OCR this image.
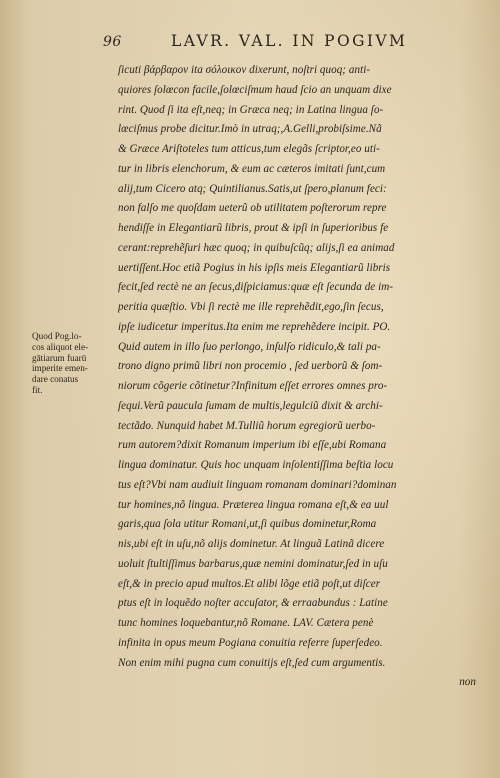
96	LAVR. VAL. IN POGIVM
Quod Pog.lo-
cos aliquot ele-
gātiarum fuarū
imperite emen-
dare conatus
fit.
ſicuti βάρβαρον ita σόλοικον dixerunt, noſtri quoq; anti-
quiores ſolœcon facile,ſolœciſmum haud ſcio an unquam dixe
rint. Quod ſi ita eſt,neq; in Græca neq; in Latina lingua ſo-
lœciſmus probe dicitur.Imò in utraq;,A.Gelli,probiſsime.Nã
& Græce Ariſtoteles tum atticus,tum elegãs ſcriptor,eo uti-
tur in libris elenchorum, & eum ac cæteros imitati ſunt,cum
alij,tum Cicero atq; Quintilianus.Satis,ut ſpero,planum feci:
non falſo me quoſdam ueterũ ob utilitatem poſterorum repre
hendiſſe in Elegantiarũ libris, prout & ipſi in ſuperioribus fe
cerant:reprehẽſuri hæc quoq; in quibuſcũq; alijs,ſi ea animad
uertiſſent.Hoc etiã Pogius in his ipſis meis Elegantiarũ libris
fecit,ſed rectè ne an ſecus,diſpiciamus:quæ eſt ſecunda de im-
peritia quæſtio. Vbi ſi rectè me ille reprehẽdit,ego,ſin ſecus,
ipſe iudicetur imperitus.Ita enim me reprehẽdere incipit. PO.
Quid autem in illo ſuo perlongo, inſulſo ridiculo,& tali pa-
trono digno primũ libri non procemio , ſed uerborũ & ſom-
niorum cõgerie cõtinetur?Infinitum eſſet errores omnes pro-
ſequi.Verũ paucula ſumam de multis,legulciũ dixit & archi-
tectãdo. Nunquid habet M.Tulliũ horum egregiorũ uerbo-
rum autorem?dixit Romanum imperium ibi eſſe,ubi Romana
lingua dominatur. Quis hoc unquam inſolentiſſima beſtia locu
tus eſt?Vbi nam audiuit linguam romanam dominari?dominan
tur homines,nõ lingua. Præterea lingua romana eſt,& ea uul
garis,qua ſola utitur Romani,ut,ſi quibus dominetur,Roma
nis,ubi eſt in uſu,nõ alijs dominetur. At linguã Latinã dicere
uoluit ſtultiſſimus barbarus,quæ nemini dominatur,ſed in uſu
eſt,& in precio apud multos.Et alibi lõge etiã poſt,ut diſcer
ptus eſt in loquẽdo noſter accuſator, & erraabundus : Latine
tunc homines loquebantur,nõ Romane. LAV. Cætera penè
infinita in opus meum Pogiana conuitia referre ſuperſedeo.
Non enim mihi pugna cum conuitijs eſt,ſed cum argumentis.
non
